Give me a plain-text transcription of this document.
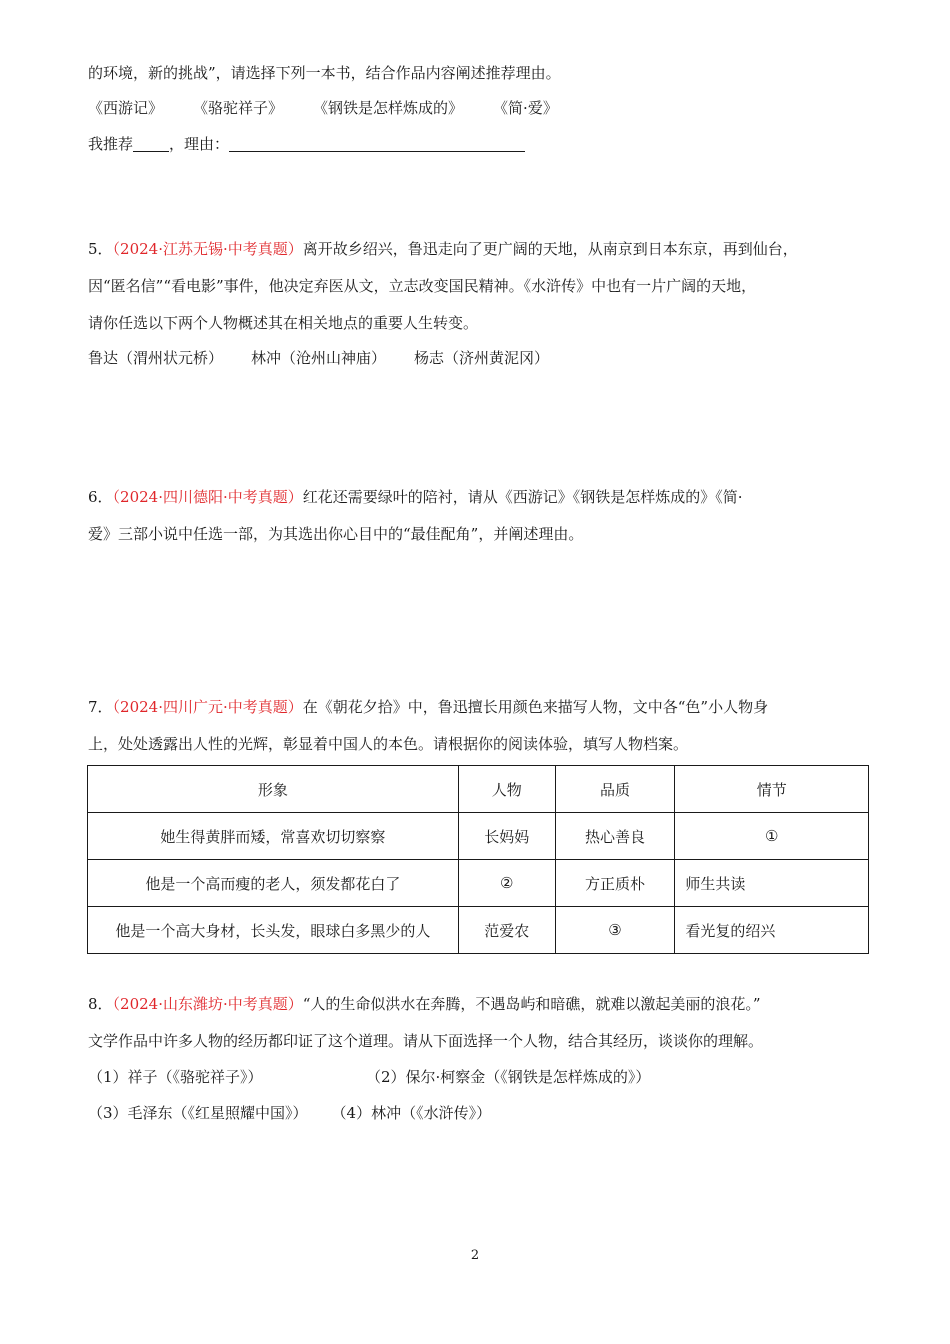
的环境，新的挑战”，请选择下列一本书，结合作品内容阐述推荐理由。
《西游记》 《骆驼祥子》 《钢铁是怎样炼成的》 《简·爱》
我推荐 ，理由：
5．（2024·江苏无锡·中考真题）离开故乡绍兴，鲁迅走向了更广阔的天地，从南京到日本东京，再到仙台，
因“匿名信”“看电影”事件，他决定弃医从文，立志改变国民精神。《水浒传》中也有一片广阔的天地，
请你任选以下两个人物概述其在相关地点的重要人生转变。
鲁达（渭州状元桥） 林冲（沧州山神庙） 杨志（济州黄泥冈）
6．（2024·四川德阳·中考真题）红花还需要绿叶的陪衬，请从《西游记》《钢铁是怎样炼成的》《简·
爱》三部小说中任选一部，为其选出你心目中的“最佳配角”，并阐述理由。
7．（2024·四川广元·中考真题）在《朝花夕拾》中，鲁迅擅长用颜色来描写人物，文中各“色”小人物身
上，处处透露出人性的光辉，彰显着中国人的本色。请根据你的阅读体验，填写人物档案。
形象	人物	品质	情节
她生得黄胖而矮，常喜欢切切察察	长妈妈	热心善良	①
他是一个高而瘦的老人，须发都花白了	②	方正质朴	师生共读
他是一个高大身材，长头发，眼球白多黑少的人	范爱农	③	看光复的绍兴
8．（2024·山东潍坊·中考真题）“人的生命似洪水在奔腾，不遇岛屿和暗礁，就难以激起美丽的浪花。”
文学作品中许多人物的经历都印证了这个道理。请从下面选择一个人物，结合其经历，谈谈你的理解。
（1）祥子（《骆驼祥子》）	（2）保尔·柯察金（《钢铁是怎样炼成的》）
（3）毛泽东（《红星照耀中国》） （4）林冲（《水浒传》）
2
